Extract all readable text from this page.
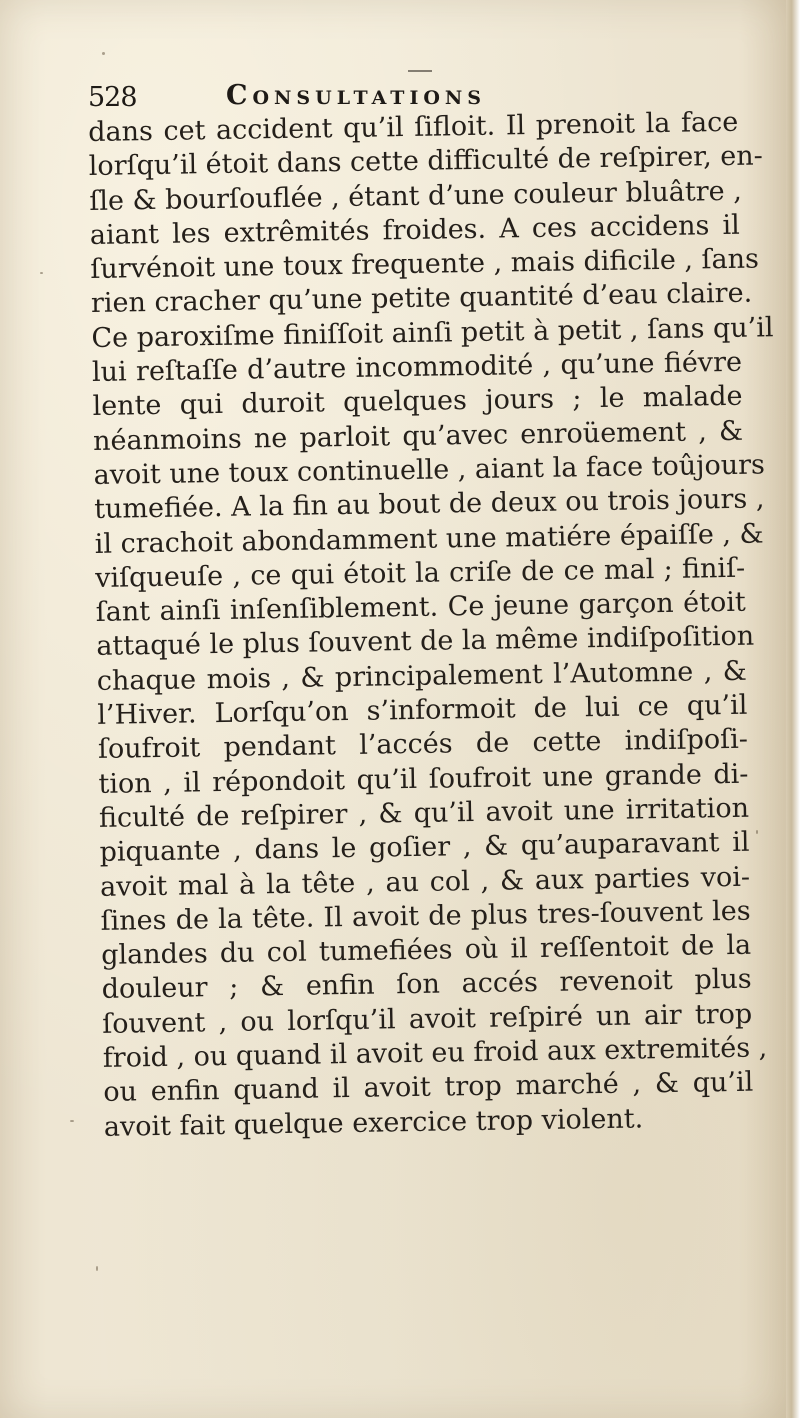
528	Consultations
dans cet accident qu’il ſifloit. Il prenoit la face
lorſqu’il étoit dans cette difficulté de reſpirer, en-
ſle & bourſouflée , étant d’une couleur bluâtre ,
aiant les extrêmités froides. A ces accidens il
ſurvénoit une toux frequente , mais dificile , ſans
rien cracher qu’une petite quantité d’eau claire.
Ce paroxiſme finiſſoit ainſi petit à petit , ſans qu’il
lui reſtaſſe d’autre incommodité , qu’une fiévre
lente qui duroit quelques jours ; le malade
néanmoins ne parloit qu’avec enroüement , &
avoit une toux continuelle , aiant la face toûjours
tumefiée. A la fin au bout de deux ou trois jours ,
il crachoit abondamment une matiére épaiſſe , &
viſqueuſe , ce qui étoit la criſe de ce mal ; finiſ-
ſant ainſi inſenſiblement. Ce jeune garçon étoit
attaqué le plus ſouvent de la même indiſpoſition
chaque mois , & principalement l’Automne , &
l’Hiver. Lorſqu’on s’informoit de lui ce qu’il
ſoufroit pendant l’accés de cette indiſpoſi-
tion , il répondoit qu’il ſoufroit une grande di-
ficulté de reſpirer , & qu’il avoit une irritation
piquante , dans le goſier , & qu’auparavant il
avoit mal à la tête , au col , & aux parties voi-
ſines de la tête. Il avoit de plus tres-ſouvent les
glandes du col tumefiées où il reſſentoit de la
douleur ; & enfin ſon accés revenoit plus
ſouvent , ou lorſqu’il avoit reſpiré un air trop
froid , ou quand il avoit eu froid aux extremités ,
ou enfin quand il avoit trop marché , & qu’il
avoit fait quelque exercice trop violent.
